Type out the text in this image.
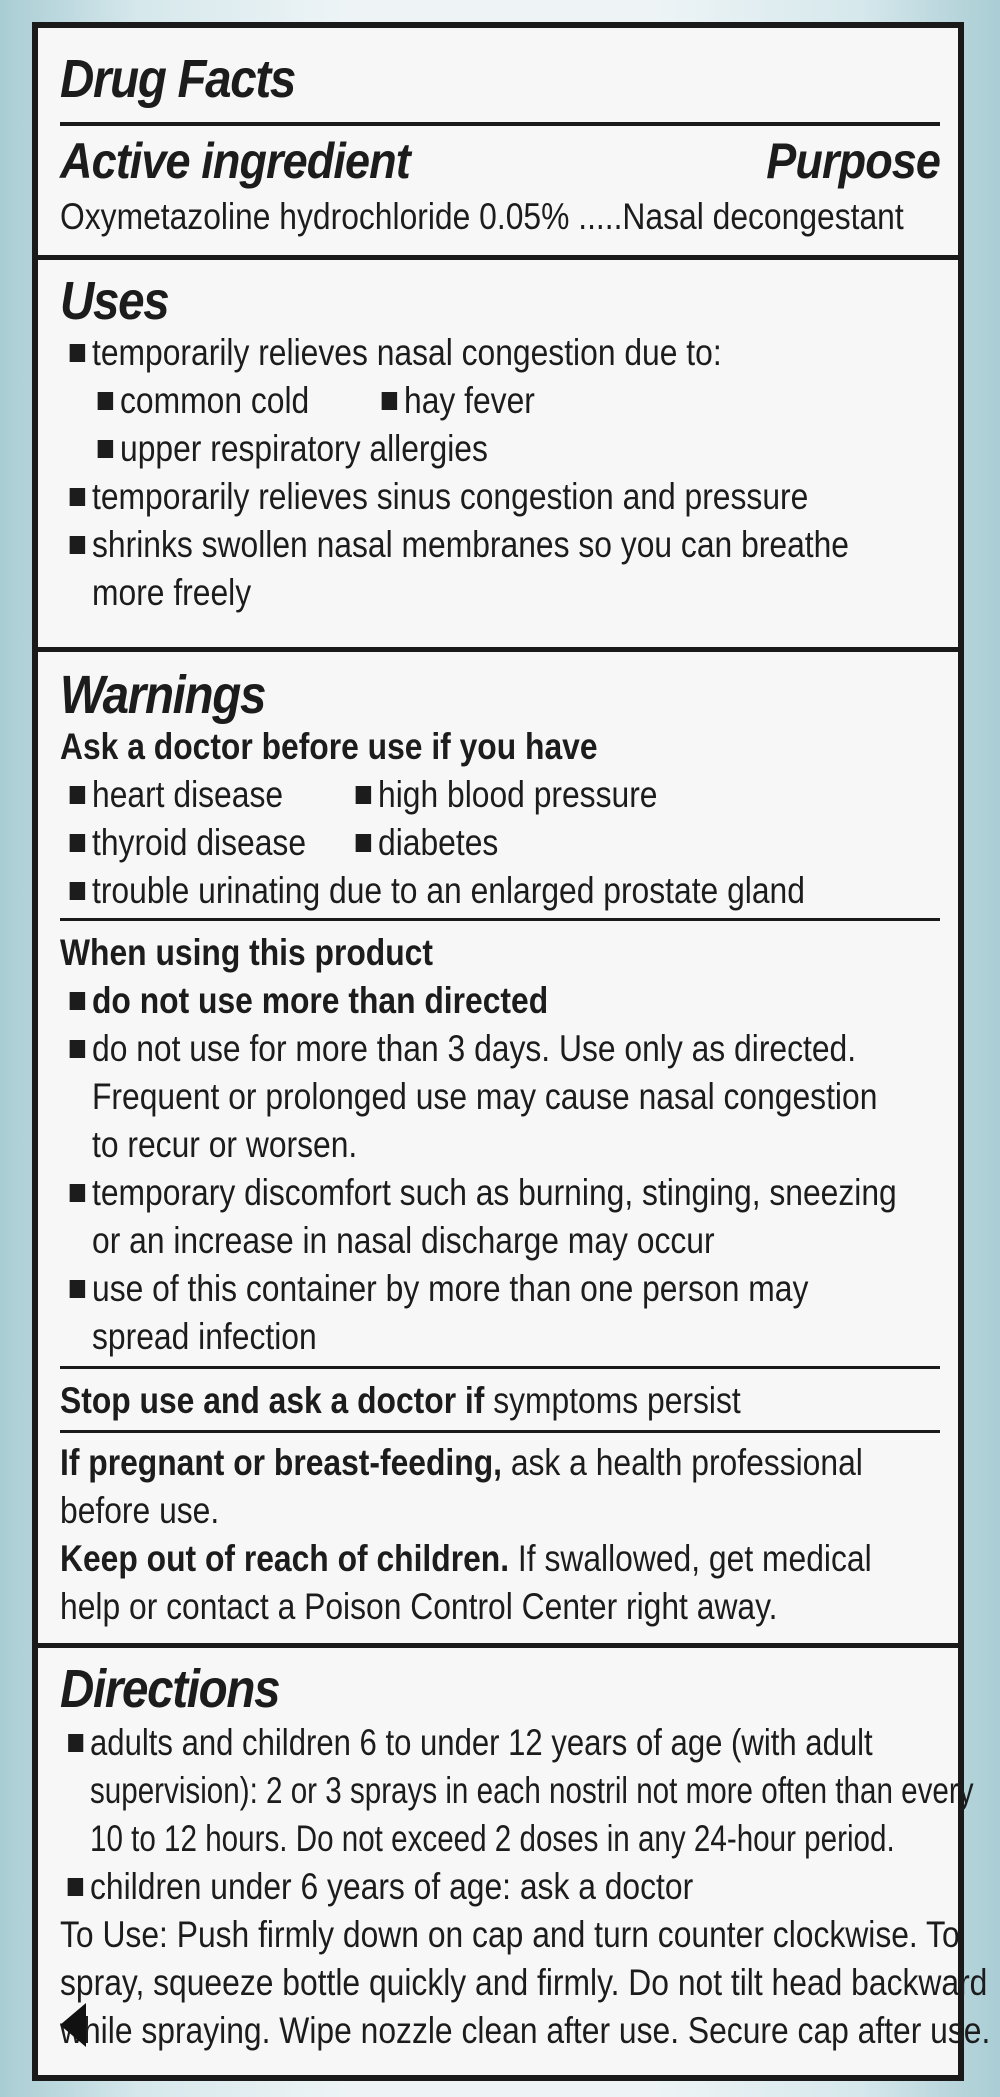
Drug Facts
Active ingredient	Purpose
Oxymetazoline hydrochloride 0.05% .....Nasal decongestant
Uses
temporarily relieves nasal congestion due to:
common cold	hay fever
upper respiratory allergies
temporarily relieves sinus congestion and pressure
shrinks swollen nasal membranes so you can breathe
more freely
Warnings
Ask a doctor before use if you have
heart disease	high blood pressure
thyroid disease diabetes
trouble urinating due to an enlarged prostate gland
When using this product
do not use more than directed
do not use for more than 3 days. Use only as directed.
Frequent or prolonged use may cause nasal congestion
to recur or worsen.
temporary discomfort such as burning, stinging, sneezing
or an increase in nasal discharge may occur
use of this container by more than one person may
spread infection
Stop use and ask a doctor if symptoms persist
If pregnant or breast-feeding, ask a health professional
before use.
Keep out of reach of children. If swallowed, get medical
help or contact a Poison Control Center right away.
Directions
adults and children 6 to under 12 years of age (with adult
supervision): 2 or 3 sprays in each nostril not more often than every
10 to 12 hours. Do not exceed 2 doses in any 24-hour period.
children under 6 years of age: ask a doctor
To Use: Push firmly down on cap and turn counter clockwise. To
spray, squeeze bottle quickly and firmly. Do not tilt head backward
while spraying. Wipe nozzle clean after use. Secure cap after use.
